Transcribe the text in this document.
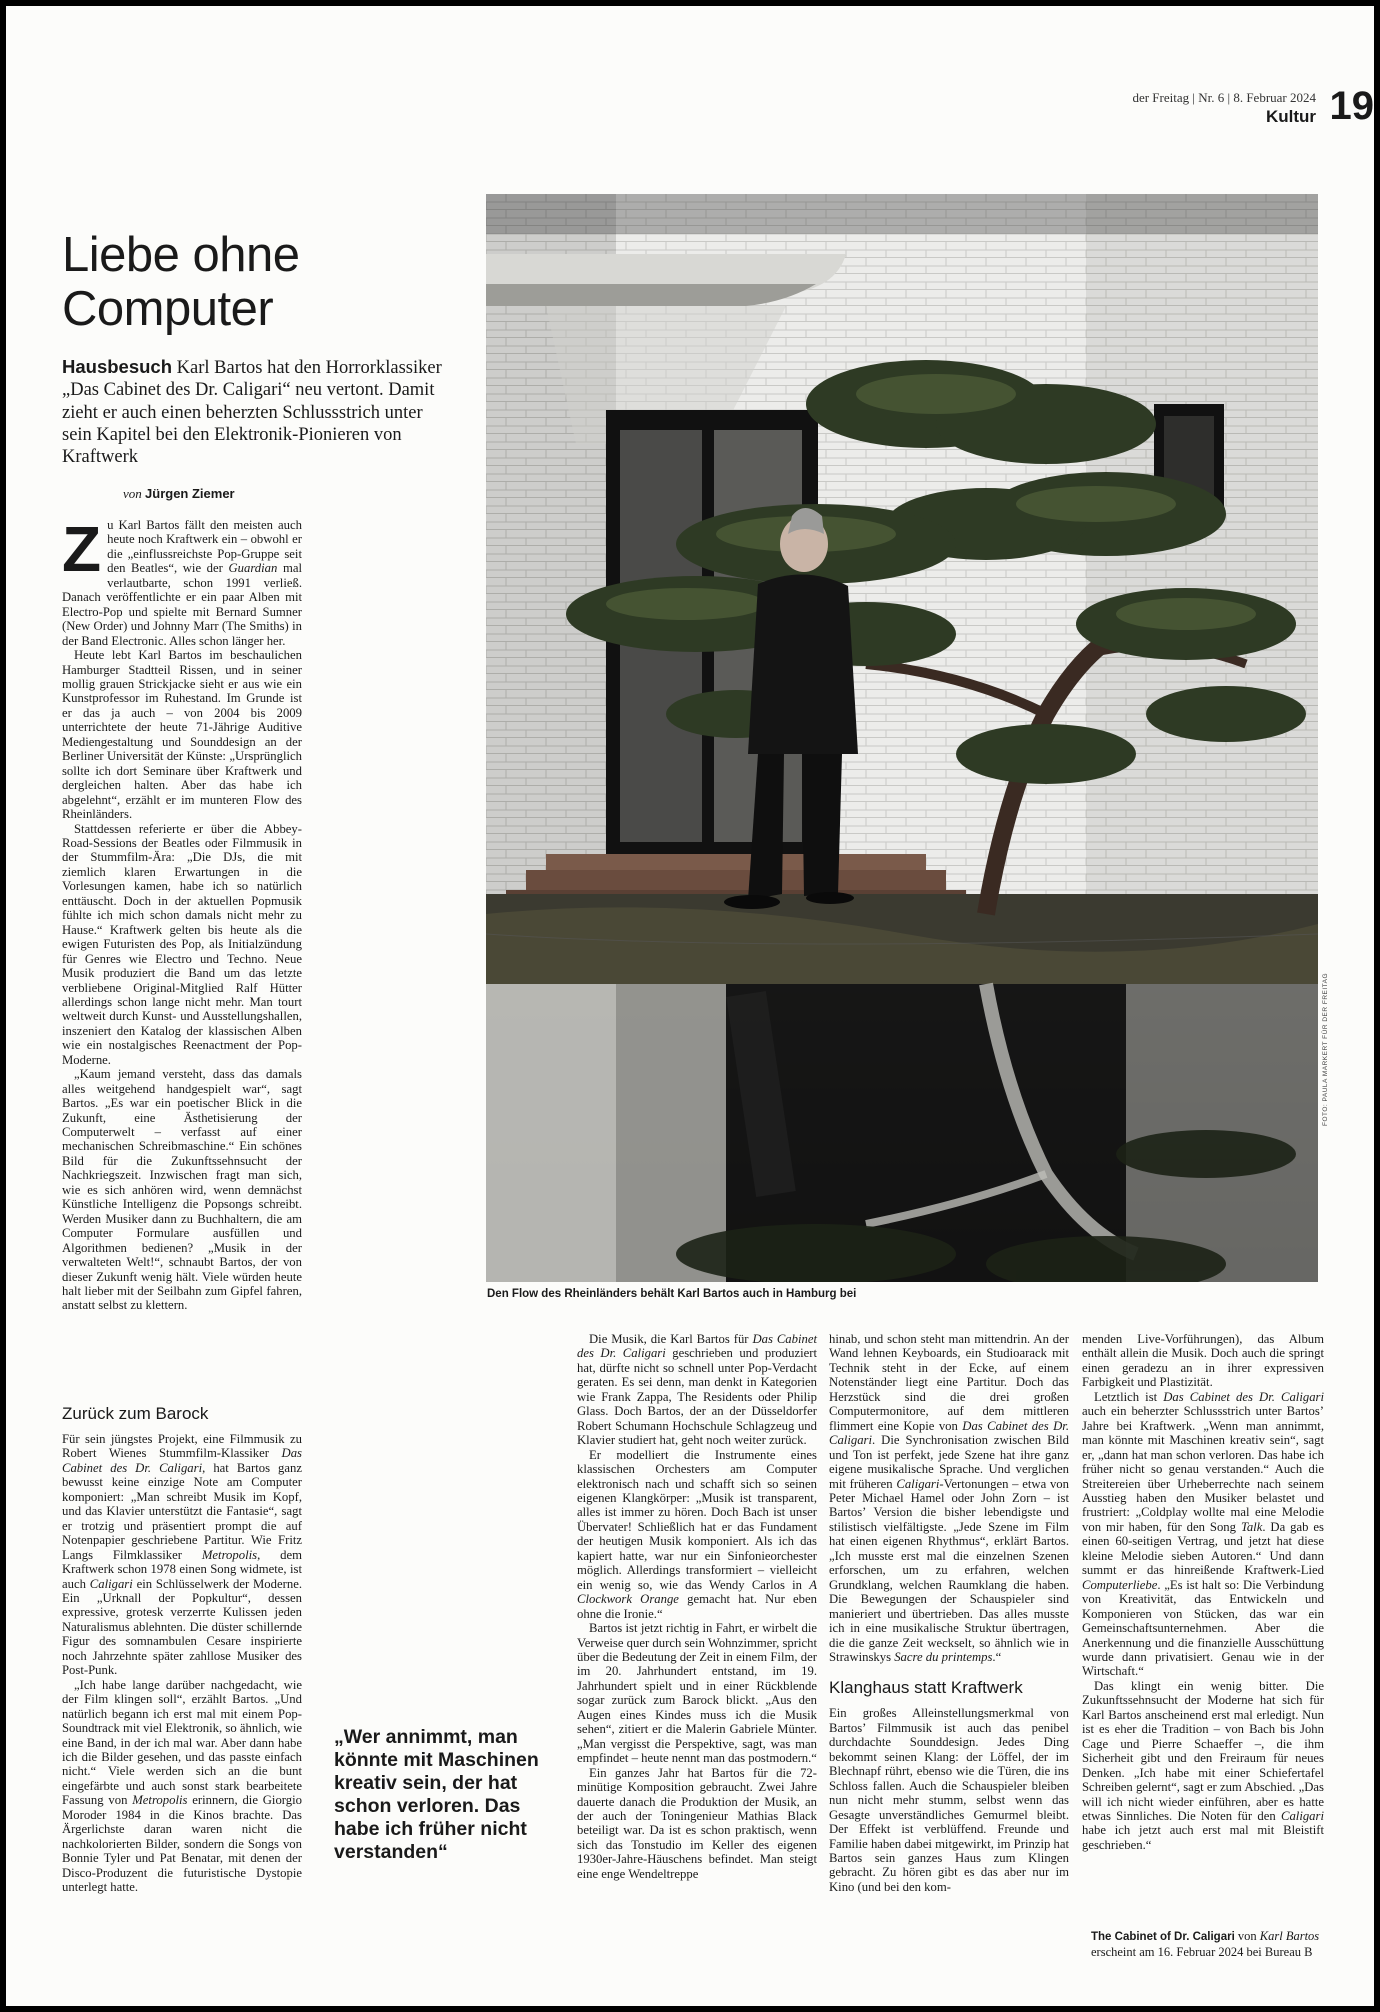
der Freitag | Nr. 6 | 8. Februar 2024
Kultur 19
Liebe ohne Computer

Hausbesuch Karl Bartos hat den Horrorklassiker „Das Cabinet des Dr. Caligari“ neu vertont. Damit zieht er auch einen beherzten Schlussstrich unter sein Kapitel bei den Elektronik-Pionieren von Kraftwerk

von Jürgen Ziemer

Zu Karl Bartos fällt den meisten auch heute noch Kraftwerk ein – obwohl er die „einflussreichste Pop-Gruppe seit den Beatles“, wie der Guardian mal verlautbarte, schon 1991 verließ. Danach veröffentlichte er ein paar Alben mit Electro-Pop und spielte mit Bernard Sumner (New Order) und Johnny Marr (The Smiths) in der Band Electronic. Alles schon länger her.

Heute lebt Karl Bartos im beschaulichen Hamburger Stadtteil Rissen, und in seiner mollig grauen Strickjacke sieht er aus wie ein Kunstprofessor im Ruhestand. Im Grunde ist er das ja auch – von 2004 bis 2009 unterrichtete der heute 71-Jährige Auditive Mediengestaltung und Sounddesign an der Berliner Universität der Künste: „Ursprünglich sollte ich dort Seminare über Kraftwerk und dergleichen halten. Aber das habe ich abgelehnt“, erzählt er im munteren Flow des Rheinländers.

Stattdessen referierte er über die Abbey-Road-Sessions der Beatles oder Filmmusik in der Stummfilm-Ära: „Die DJs, die mit ziemlich klaren Erwartungen in die Vorlesungen kamen, habe ich so natürlich enttäuscht. Doch in der aktuellen Popmusik fühlte ich mich schon damals nicht mehr zu Hause.“ Kraftwerk gelten bis heute als die ewigen Futuristen des Pop, als Initialzündung für Genres wie Electro und Techno. Neue Musik produziert die Band um das letzte verbliebene Original-Mitglied Ralf Hütter allerdings schon lange nicht mehr. Man tourt weltweit durch Kunst- und Ausstellungshallen, inszeniert den Katalog der klassischen Alben wie ein nostalgisches Reenactment der Pop-Moderne.

„Kaum jemand versteht, dass das damals alles weitgehend handgespielt war“, sagt Bartos. „Es war ein poetischer Blick in die Zukunft, eine Ästhetisierung der Computerwelt – verfasst auf einer mechanischen Schreibmaschine.“ Ein schönes Bild für die Zukunftssehnsucht der Nachkriegszeit. Inzwischen fragt man sich, wie es sich anhören wird, wenn demnächst Künstliche Intelligenz die Popsongs schreibt. Werden Musiker dann zu Buchhaltern, die am Computer Formulare ausfüllen und Algorithmen bedienen? „Musik in der verwalteten Welt!“, schnaubt Bartos, der von dieser Zukunft wenig hält. Viele würden heute halt lieber mit der Seilbahn zum Gipfel fahren, anstatt selbst zu klettern.

Zurück zum Barock

Für sein jüngstes Projekt, eine Filmmusik zu Robert Wienes Stummfilm-Klassiker Das Cabinet des Dr. Caligari, hat Bartos ganz bewusst keine einzige Note am Computer komponiert: „Man schreibt Musik im Kopf, und das Klavier unterstützt die Fantasie“, sagt er trotzig und präsentiert prompt die auf Notenpapier geschriebene Partitur. Wie Fritz Langs Filmklassiker Metropolis, dem Kraftwerk schon 1978 einen Song widmete, ist auch Caligari ein Schlüsselwerk der Moderne. Ein „Urknall der Popkultur“, dessen expressive, grotesk verzerrte Kulissen jeden Naturalismus ablehnten. Die düster schillernde Figur des somnambulen Cesare inspirierte noch Jahrzehnte später zahllose Musiker des Post-Punk.

„Ich habe lange darüber nachgedacht, wie der Film klingen soll“, erzählt Bartos. „Und natürlich begann ich erst mal mit einem Pop-Soundtrack mit viel Elektronik, so ähnlich, wie eine Band, in der ich mal war. Aber dann habe ich die Bilder gesehen, und das passte einfach nicht.“ Viele werden sich an die bunt eingefärbte und auch sonst stark bearbeitete Fassung von Metropolis erinnern, die Giorgio Moroder 1984 in die Kinos brachte. Das Ärgerlichste daran waren nicht die nachkolorierten Bilder, sondern die Songs von Bonnie Tyler und Pat Benatar, mit denen der Disco-Produzent die futuristische Dystopie unterlegt hatte.

FOTO: PAULA MARKERT FÜR DER FREITAG
Den Flow des Rheinländers behält Karl Bartos auch in Hamburg bei

„Wer annimmt, man könnte mit Maschinen kreativ sein, der hat schon verloren. Das habe ich früher nicht verstanden“

Die Musik, die Karl Bartos für Das Cabinet des Dr. Caligari geschrieben und produziert hat, dürfte nicht so schnell unter Pop-Verdacht geraten. Es sei denn, man denkt in Kategorien wie Frank Zappa, The Residents oder Philip Glass. Doch Bartos, der an der Düsseldorfer Robert Schumann Hochschule Schlagzeug und Klavier studiert hat, geht noch weiter zurück.

Er modelliert die Instrumente eines klassischen Orchesters am Computer elektronisch nach und schafft sich so seinen eigenen Klangkörper: „Musik ist transparent, alles ist immer zu hören. Doch Bach ist unser Übervater! Schließlich hat er das Fundament der heutigen Musik komponiert. Als ich das kapiert hatte, war nur ein Sinfonieorchester möglich. Allerdings transformiert – vielleicht ein wenig so, wie das Wendy Carlos in A Clockwork Orange gemacht hat. Nur eben ohne die Ironie.“

Bartos ist jetzt richtig in Fahrt, er wirbelt die Verweise quer durch sein Wohnzimmer, spricht über die Bedeutung der Zeit in einem Film, der im 20. Jahrhundert entstand, im 19. Jahrhundert spielt und in einer Rückblende sogar zurück zum Barock blickt. „Aus den Augen eines Kindes muss ich die Musik sehen“, zitiert er die Malerin Gabriele Münter. „Man vergisst die Perspektive, sagt, was man empfindet – heute nennt man das postmodern.“

Ein ganzes Jahr hat Bartos für die 72-minütige Komposition gebraucht. Zwei Jahre dauerte danach die Produktion der Musik, an der auch der Toningenieur Mathias Black beteiligt war. Da ist es schon praktisch, wenn sich das Tonstudio im Keller des eigenen 1930er-Jahre-Häuschens befindet. Man steigt eine enge Wendeltreppe

hinab, und schon steht man mittendrin. An der Wand lehnen Keyboards, ein Studioarack mit Technik steht in der Ecke, auf einem Notenständer liegt eine Partitur. Doch das Herzstück sind die drei großen Computermonitore, auf dem mittleren flimmert eine Kopie von Das Cabinet des Dr. Caligari. Die Synchronisation zwischen Bild und Ton ist perfekt, jede Szene hat ihre ganz eigene musikalische Sprache. Und verglichen mit früheren Caligari-Vertonungen – etwa von Peter Michael Hamel oder John Zorn – ist Bartos’ Version die bisher lebendigste und stilistisch vielfältigste. „Jede Szene im Film hat einen eigenen Rhythmus“, erklärt Bartos. „Ich musste erst mal die einzelnen Szenen erforschen, um zu erfahren, welchen Grundklang, welchen Raumklang die haben. Die Bewegungen der Schauspieler sind manieriert und übertrieben. Das alles musste ich in eine musikalische Struktur übertragen, die die ganze Zeit weckselt, so ähnlich wie in Strawinskys Sacre du printemps.“

Klanghaus statt Kraftwerk

Ein großes Alleinstellungsmerkmal von Bartos’ Filmmusik ist auch das penibel durchdachte Sounddesign. Jedes Ding bekommt seinen Klang: der Löffel, der im Blechnapf rührt, ebenso wie die Türen, die ins Schloss fallen. Auch die Schauspieler bleiben nun nicht mehr stumm, selbst wenn das Gesagte unverständliches Gemurmel bleibt. Der Effekt ist verblüffend. Freunde und Familie haben dabei mitgewirkt, im Prinzip hat Bartos sein ganzes Haus zum Klingen gebracht. Zu hören gibt es das aber nur im Kino (und bei den kom-

menden Live-Vorführungen), das Album enthält allein die Musik. Doch auch die springt einen geradezu an in ihrer expressiven Farbigkeit und Plastizität.

Letztlich ist Das Cabinet des Dr. Caligari auch ein beherzter Schlussstrich unter Bartos’ Jahre bei Kraftwerk. „Wenn man annimmt, man könnte mit Maschinen kreativ sein“, sagt er, „dann hat man schon verloren. Das habe ich früher nicht so genau verstanden.“ Auch die Streitereien über Urheberrechte nach seinem Ausstieg haben den Musiker belastet und frustriert: „Coldplay wollte mal eine Melodie von mir haben, für den Song Talk. Da gab es einen 60-seitigen Vertrag, und jetzt hat diese kleine Melodie sieben Autoren.“ Und dann summt er das hinreißende Kraftwerk-Lied Computerliebe. „Es ist halt so: Die Verbindung von Kreativität, das Entwickeln und Komponieren von Stücken, das war ein Gemeinschaftsunternehmen. Aber die Anerkennung und die finanzielle Ausschüttung wurde dann privatisiert. Genau wie in der Wirtschaft.“

Das klingt ein wenig bitter. Die Zukunftssehnsucht der Moderne hat sich für Karl Bartos anscheinend erst mal erledigt. Nun ist es eher die Tradition – von Bach bis John Cage und Pierre Schaeffer –, die ihm Sicherheit gibt und den Freiraum für neues Denken. „Ich habe mit einer Schiefertafel Schreiben gelernt“, sagt er zum Abschied. „Das will ich nicht wieder einführen, aber es hatte etwas Sinnliches. Die Noten für den Caligari habe ich jetzt auch erst mal mit Bleistift geschrieben.“

The Cabinet of Dr. Caligari von Karl Bartos erscheint am 16. Februar 2024 bei Bureau B
